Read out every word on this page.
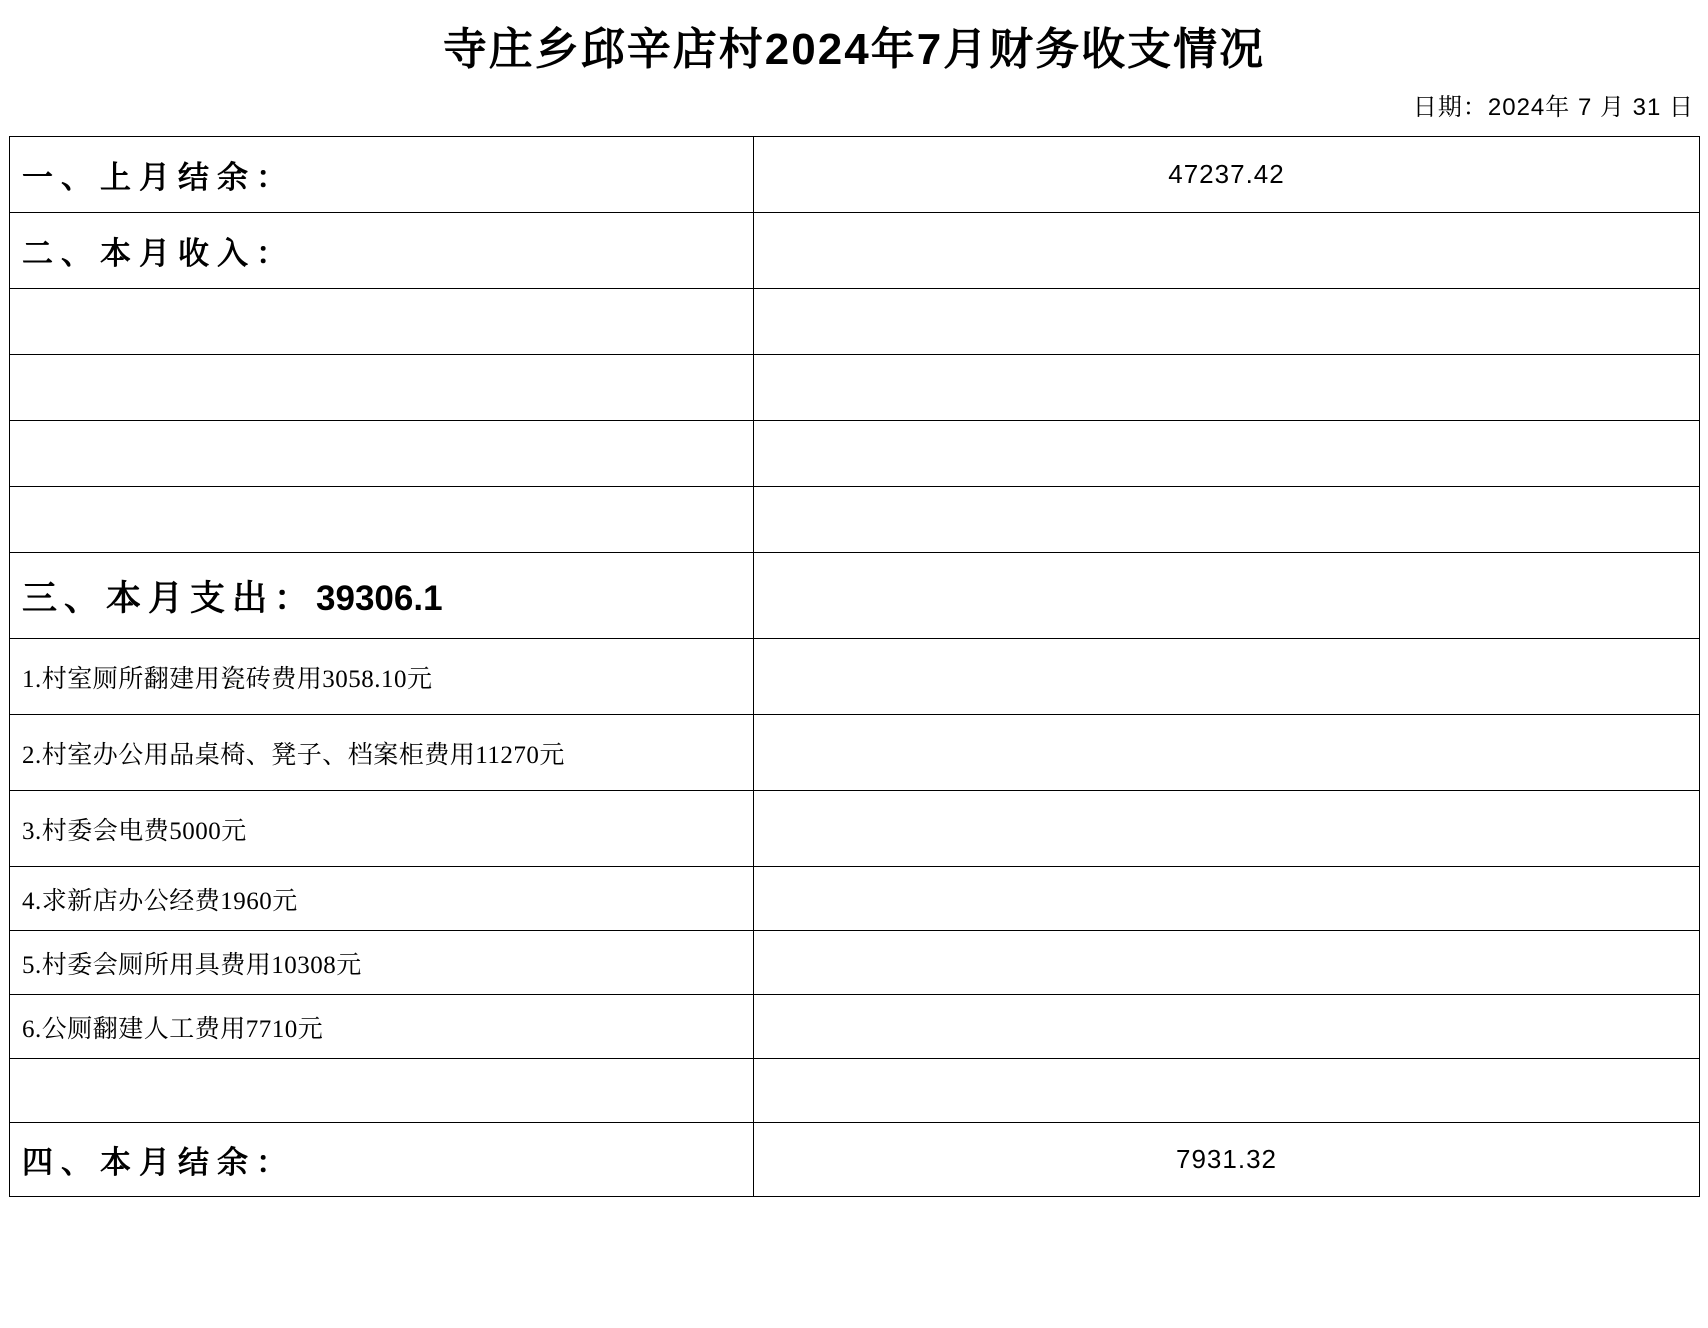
寺庄乡邱辛店村2024年7月财务收支情况
日期：2024年 7 月 31 日
一、上月结余：	47237.42
二、本月收入：	

三、本月支出：39306.1	
1.村室厕所翻建用瓷砖费用3058.10元	
2.村室办公用品桌椅、凳子、档案柜费用11270元	
3.村委会电费5000元	
4.求新店办公经费1960元	
5.村委会厕所用具费用10308元	
6.公厕翻建人工费用7710元	

四、本月结余：	7931.32
